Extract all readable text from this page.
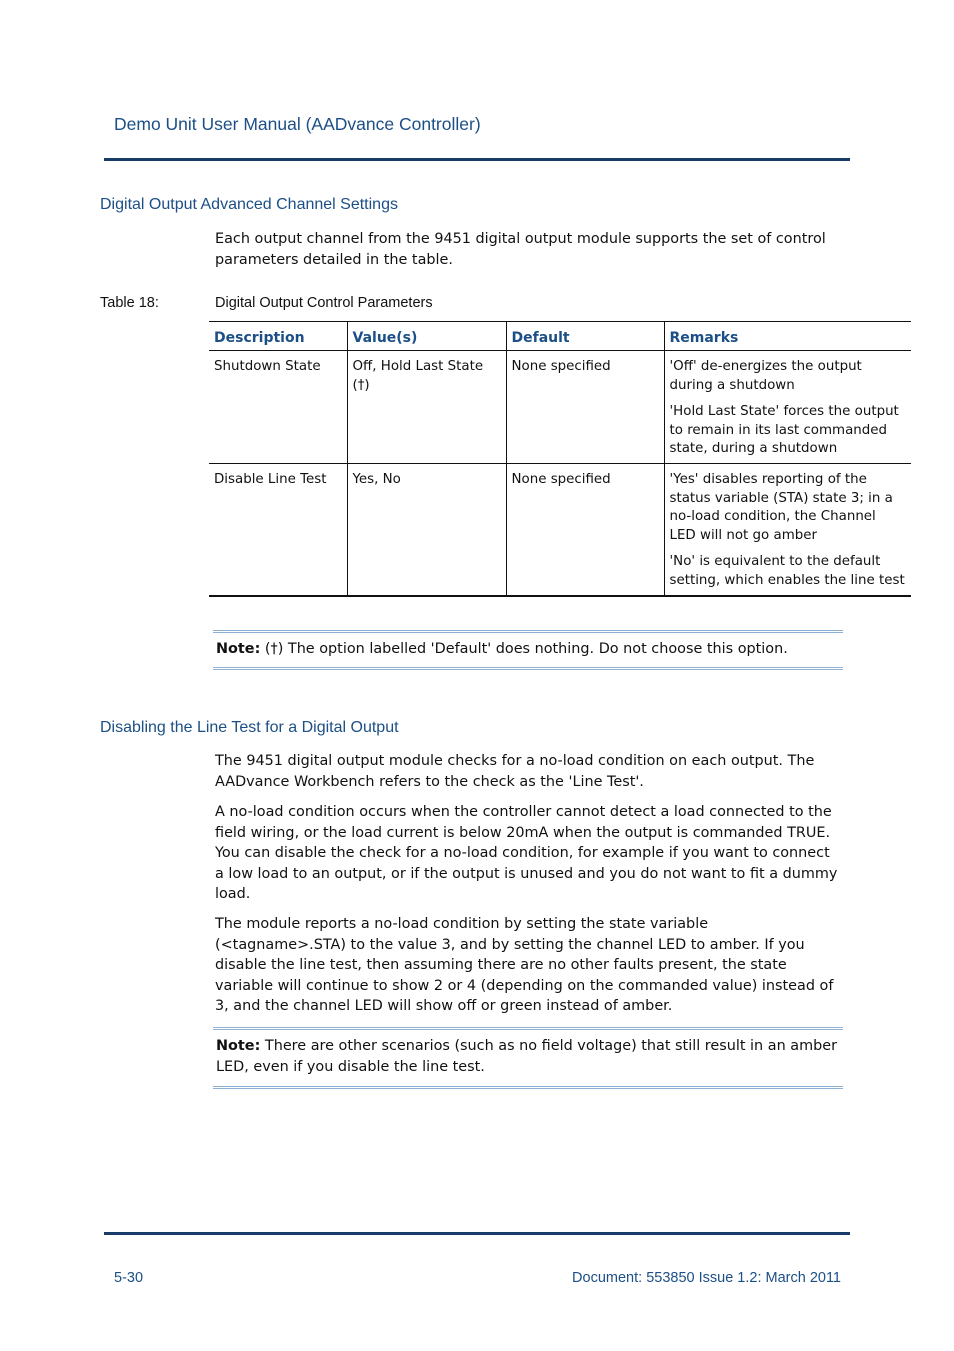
Demo Unit User Manual (AADvance Controller)
Digital Output Advanced Channel Settings
Each output channel from the 9451 digital output module supports the set of control parameters detailed in the table.
Table 18:	Digital Output Control Parameters
Description	Value(s)	Default	Remarks
Shutdown State	Off, Hold Last State (†)	None specified	'Off' de-energizes the output during a shutdown

'Hold Last State' forces the output to remain in its last commanded state, during a shutdown

Disable Line Test	Yes, No	None specified	'Yes' disables reporting of the status variable (STA) state 3; in a no-load condition, the Channel LED will not go amber

'No' is equivalent to the default setting, which enables the line test

Note: (†) The option labelled 'Default' does nothing. Do not choose this option.
Disabling the Line Test for a Digital Output
The 9451 digital output module checks for a no-load condition on each output. The AADvance Workbench refers to the check as the 'Line Test'.
A no-load condition occurs when the controller cannot detect a load connected to the field wiring, or the load current is below 20mA when the output is commanded TRUE. You can disable the check for a no-load condition, for example if you want to connect a low load to an output, or if the output is unused and you do not want to fit a dummy load.
The module reports a no-load condition by setting the state variable (<tagname>.STA) to the value 3, and by setting the channel LED to amber. If you disable the line test, then assuming there are no other faults present, the state variable will continue to show 2 or 4 (depending on the commanded value) instead of 3, and the channel LED will show off or green instead of amber.
Note: There are other scenarios (such as no field voltage) that still result in an amber LED, even if you disable the line test.
5-30	Document: 553850 Issue 1.2: March 2011
